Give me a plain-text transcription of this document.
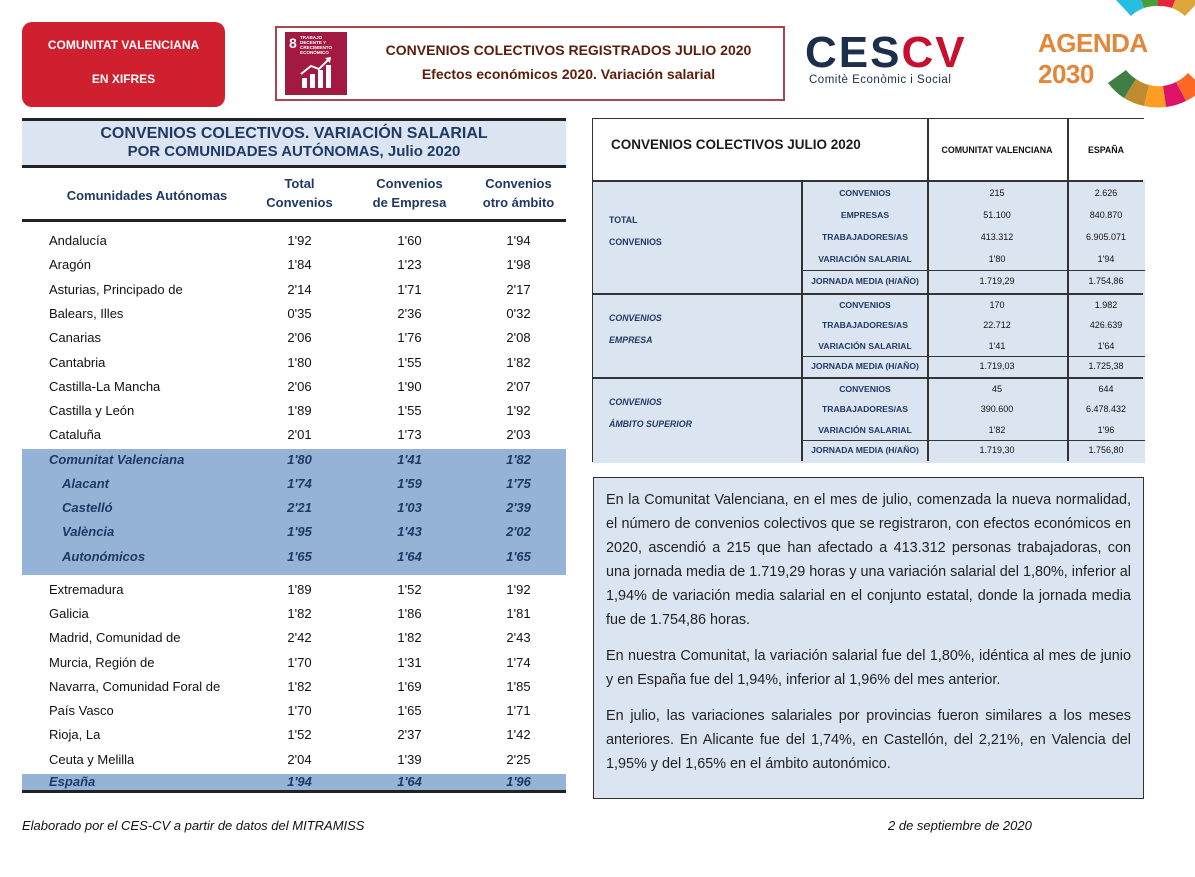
COMUNITAT VALENCIANA
EN XIFRES
8 TRABAJO DECENTE Y CRECIMIENTO ECONÓMICO	CONVENIOS COLECTIVOS REGISTRADOS JULIO 2020
Efectos económicos 2020. Variación salarial	CESCV
Comitè Econòmic i Social
AGENDA 2030
CONVENIOS COLECTIVOS. VARIACIÓN SALARIAL
POR COMUNIDADES AUTÓNOMAS, Julio 2020
Comunidades Autónomas
Total
Convenios
Convenios
de Empresa
Convenios
otro ámbito
Andalucía	1'92	1'60	1'94
Aragón	1'84	1'23	1'98
Asturias, Principado de	2'14	1'71	2'17
Balears, Illes	0'35	2'36	0'32
Canarias	2'06	1'76	2'08
Cantabria	1'80	1'55	1'82
Castilla-La Mancha	2'06	1'90	2'07
Castilla y León	1'89	1'55	1'92
Cataluña	2'01	1'73	2'03
Comunitat Valenciana	1'80	1'41	1'82
Alacant	1'74	1'59	1'75
Castelló	2'21	1'03	2'39
València	1'95	1'43	2'02
Autonómicos	1'65	1'64	1'65
Extremadura	1'89	1'52	1'92
Galicia	1'82	1'86	1'81
Madrid, Comunidad de	2'42	1'82	2'43
Murcia, Región de	1'70	1'31	1'74
Navarra, Comunidad Foral de	1'82	1'69	1'85
País Vasco	1'70	1'65	1'71
Rioja, La	1'52	2'37	1'42
Ceuta y Melilla	2'04	1'39	2'25
España	1'94	1'64	1'96
CONVENIOS COLECTIVOS JULIO 2020	COMUNITAT VALENCIANA	ESPAÑA
TOTAL
CONVENIOS
CONVENIOS	215	2.626
EMPRESAS	51.100	840.870
TRABAJADORES/AS	413.312	6.905.071
VARIACIÓN SALARIAL	1'80	1'94
JORNADA MEDIA (H/AÑO)	1.719,29	1.754,86
CONVENIOS
EMPRESA
CONVENIOS	170	1.982
TRABAJADORES/AS	22.712	426.639
VARIACIÓN SALARIAL	1'41	1'64
JORNADA MEDIA (H/AÑO)	1.719,03	1.725,38
CONVENIOS
ÁMBITO SUPERIOR
CONVENIOS	45	644
TRABAJADORES/AS	390.600	6.478.432
VARIACIÓN SALARIAL	1'82	1'96
JORNADA MEDIA (H/AÑO)	1.719,30	1.756,80

En la Comunitat Valenciana, en el mes de julio, comenzada la nueva normalidad, el número de convenios colectivos que se registraron, con efectos económicos en 2020, ascendió a 215 que han afectado a 413.312 personas trabajadoras, con una jornada media de 1.719,29 horas y una variación salarial del 1,80%, inferior al 1,94% de variación media salarial en el conjunto estatal, donde la jornada media fue de 1.754,86 horas.

En nuestra Comunitat, la variación salarial fue del 1,80%, idéntica al mes de junio y en España fue del 1,94%, inferior al 1,96% del mes anterior.

En julio, las variaciones salariales por provincias fueron similares a los meses anteriores. En Alicante fue del 1,74%, en Castellón, del 2,21%, en Valencia del 1,95% y del 1,65% en el ámbito autonómico.

Elaborado por el CES-CV a partir de datos del MITRAMISS	2 de septiembre de 2020
